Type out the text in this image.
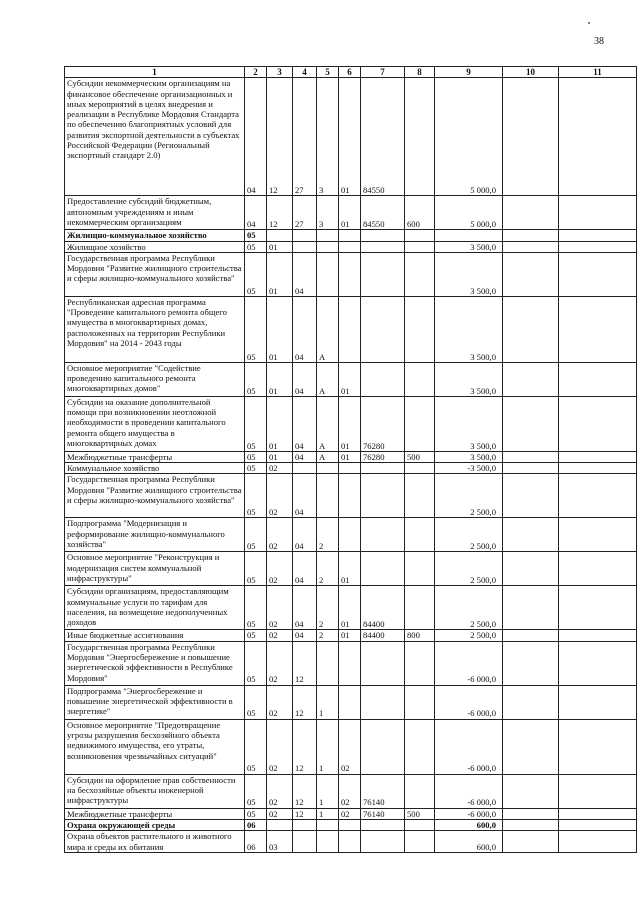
38
1	2	3	4	5	6	7	8	9	10	11
Субсидии некоммерческим организациям на финансовое обеспечение организационных и иных мероприятий в целях внедрения и реализации в Республике Мордовия Стандарта по обеспечению благоприятных условий для развития экспортной деятельности в субъектах Российской Федерации (Региональный экспортный стандарт 2.0)	04	12	27	3	01	84550		5 000,0		
Предоставление субсидий бюджетным, автономным учреждениям и иным некоммерческим организациям	04	12	27	3	01	84550	600	5 000,0		
Жилищно-коммунальное хозяйство	05									
Жилищное хозяйство	05	01						3 500,0		
Государственная программа Республики Мордовия "Развитие жилищного строительства и сферы жилищно-коммунального хозяйства"	05	01	04					3 500,0		
Республиканская адресная программа "Проведение капитального ремонта общего имущества в многоквартирных домах, расположенных на территории Республики Мордовия" на 2014 - 2043 годы	05	01	04	А				3 500,0		
Основное мероприятие "Содействие проведению капитального ремонта многоквартирных домов"	05	01	04	А	01			3 500,0		
Субсидии на оказание дополнительной помощи при возникновении неотложной необходимости в проведении капитального ремонта общего имущества в многоквартирных домах	05	01	04	А	01	76280		3 500,0		
Межбюджетные трансферты	05	01	04	А	01	76280	500	3 500,0		
Коммунальное хозяйство	05	02						-3 500,0		
Государственная программа Республики Мордовия "Развитие жилищного строительства и сферы жилищно-коммунального хозяйства"	05	02	04					2 500,0		
Подпрограмма "Модернизация и реформирование жилищно-коммунального хозяйства"	05	02	04	2				2 500,0		
Основное мероприятие "Реконструкция и модернизация систем коммунальной инфраструктуры"	05	02	04	2	01			2 500,0		
Субсидии организациям, предоставляющим коммунальные услуги по тарифам для населения, на возмещение недополученных доходов	05	02	04	2	01	84400		2 500,0		
Иные бюджетные ассигнования	05	02	04	2	01	84400	800	2 500,0		
Государственная программа Республики Мордовия "Энергосбережение и повышение энергетической эффективности в Республике Мордовия"	05	02	12					-6 000,0		
Подпрограмма "Энергосбережение и повышение энергетической эффективности в энергетике"	05	02	12	1				-6 000,0		
Основное мероприятие "Предотвращение угрозы разрушения бесхозяйного объекта недвижимого имущества, его утраты, возникновения чрезвычайных ситуаций"	05	02	12	1	02			-6 000,0		
Субсидии на оформление прав собственности на бесхозяйные объекты инженерной инфраструктуры	05	02	12	1	02	76140		-6 000,0		
Межбюджетные трансферты	05	02	12	1	02	76140	500	-6 000,0		
Охрана окружающей среды	06							600,0		
Охрана объектов растительного и животного мира и среды их обитания	06	03						600,0		
